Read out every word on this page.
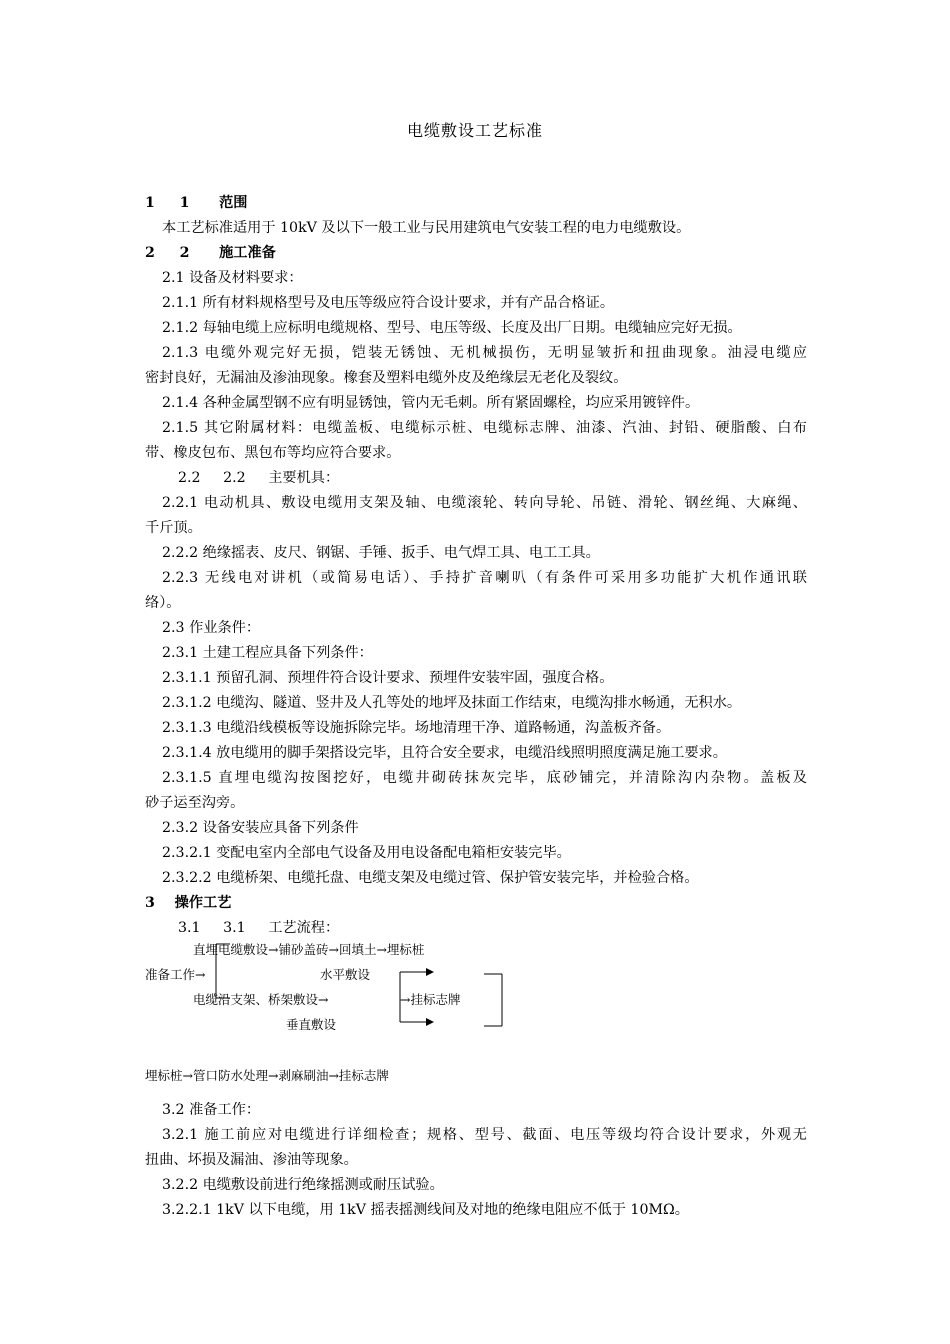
电缆敷设工艺标准
1     1      范围
本工艺标准适用于 10kV 及以下一般工业与民用建筑电气安装工程的电力电缆敷设。
2     2      施工准备
2.1 设备及材料要求：
2.1.1 所有材料规格型号及电压等级应符合设计要求，并有产品合格证。
2.1.2 每轴电缆上应标明电缆规格、型号、电压等级、长度及出厂日期。电缆轴应完好无损。
2.1.3 电缆外观完好无损，铠装无锈蚀、无机械损伤，无明显皱折和扭曲现象。油浸电缆应
密封良好，无漏油及渗油现象。橡套及塑料电缆外皮及绝缘层无老化及裂纹。
2.1.4 各种金属型钢不应有明显锈蚀，管内无毛刺。所有紧固螺栓，均应采用镀锌件。
2.1.5 其它附属材料：电缆盖板、电缆标示桩、电缆标志牌、油漆、汽油、封铅、硬脂酸、白布
带、橡皮包布、黑包布等均应符合要求。
2.2     2.2     主要机具：
2.2.1 电动机具、敷设电缆用支架及轴、电缆滚轮、转向导轮、吊链、滑轮、钢丝绳、大麻绳、
千斤顶。
2.2.2 绝缘摇表、皮尺、钢锯、手锤、扳手、电气焊工具、电工工具。
2.2.3 无线电对讲机（或简易电话）、手持扩音喇叭（有条件可采用多功能扩大机作通讯联
络）。
2.3 作业条件：
2.3.1 土建工程应具备下列条件：
2.3.1.1 预留孔洞、预埋件符合设计要求、预埋件安装牢固，强度合格。
2.3.1.2 电缆沟、隧道、竖井及人孔等处的地坪及抹面工作结束，电缆沟排水畅通，无积水。
2.3.1.3 电缆沿线模板等设施拆除完毕。场地清理干净、道路畅通，沟盖板齐备。
2.3.1.4 放电缆用的脚手架搭设完毕，且符合安全要求，电缆沿线照明照度满足施工要求。
2.3.1.5 直埋电缆沟按图挖好，电缆井砌砖抹灰完毕，底砂铺完，并清除沟内杂物。盖板及
砂子运至沟旁。
2.3.2 设备安装应具备下列条件
2.3.2.1 变配电室内全部电气设备及用电设备配电箱柜安装完毕。
2.3.2.2 电缆桥架、电缆托盘、电缆支架及电缆过管、保护管安装完毕，并检验合格。
3    操作工艺
3.1     3.1     工艺流程：
直埋电缆敷设→铺砂盖砖→回填土→埋标桩
准备工作→	水平敷设
电缆沿支架、桥架敷设→	→挂标志牌
垂直敷设
埋标桩→管口防水处理→剥麻刷油→挂标志牌
3.2 准备工作：
3.2.1 施工前应对电缆进行详细检查；规格、型号、截面、电压等级均符合设计要求，外观无
扭曲、坏损及漏油、渗油等现象。
3.2.2 电缆敷设前进行绝缘摇测或耐压试验。
3.2.2.1 1kV 以下电缆，用 1kV 摇表摇测线间及对地的绝缘电阻应不低于 10MΩ。
